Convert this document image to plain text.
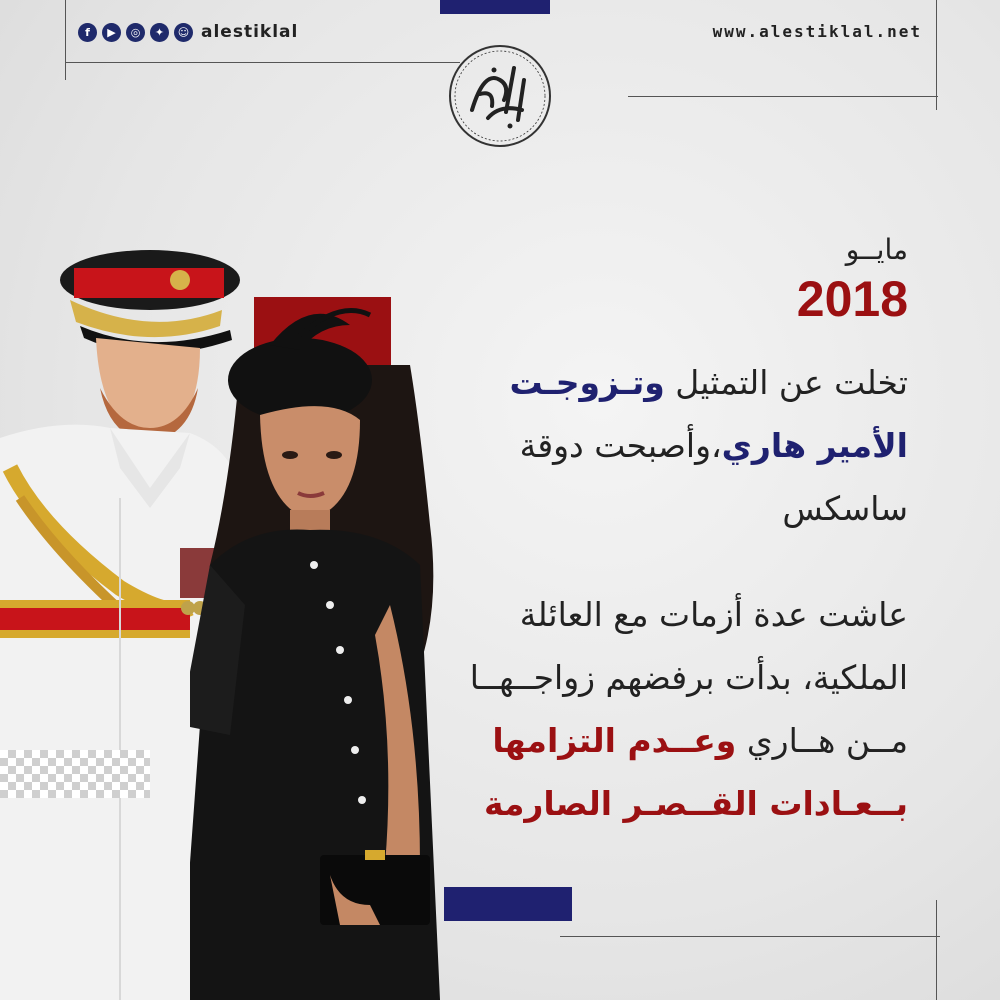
f	▶	◎	✦	☺ alestiklal	www.alestiklal.net
مايــو
2018
تخلت عن التمثيل وتـزوجـت الأمير هاري،وأصبحت دوقة ساسكس
عاشت عدة أزمات مع العائلة الملكية، بدأت برفضهم زواجــهــا مــن هــاري وعــدم التزامها بــعـادات القــصـر الصارمة
